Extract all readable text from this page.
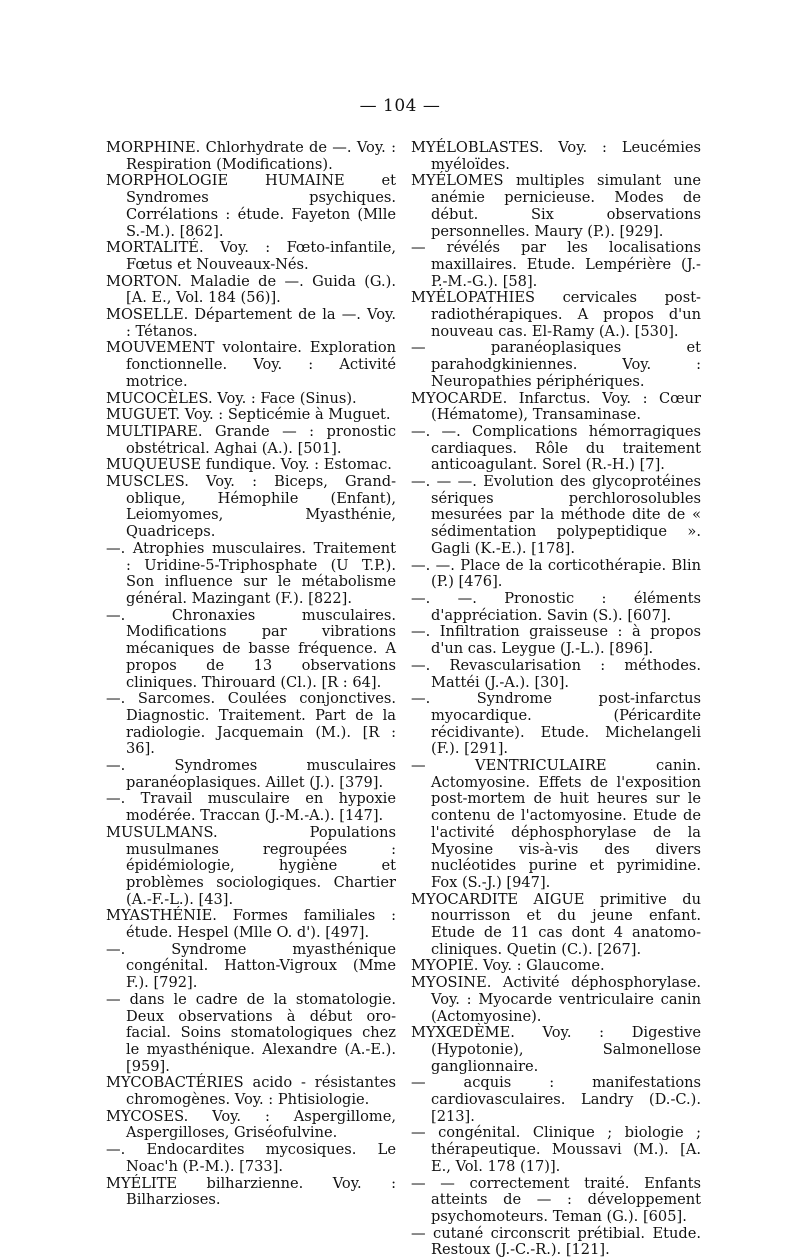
— 104 —

MORPHINE. Chlorhydrate de —. Voy. : Respiration (Modifications).

MORPHOLOGIE HUMAINE et Syndromes psychiques. Corrélations : étude. Fayeton (Mlle S.-M.). [862].

MORTALITÉ. Voy. : Fœto-infantile, Fœtus et Nouveaux-Nés.

MORTON. Maladie de —. Guida (G.). [A. E., Vol. 184 (56)].

MOSELLE. Département de la —. Voy. : Tétanos.

MOUVEMENT volontaire. Exploration fonctionnelle. Voy. : Activité motrice.

MUCOCÈLES. Voy. : Face (Sinus).

MUGUET. Voy. : Septicémie à Muguet.

MULTIPARE. Grande — : pronostic obstétrical. Aghai (A.). [501].

MUQUEUSE fundique. Voy. : Estomac.

MUSCLES. Voy. : Biceps, Grand-oblique, Hémophile (Enfant), Leiomyomes, Myasthénie, Quadriceps.

—. Atrophies musculaires. Traitement : Uridine-5-Triphosphate (U T.P.). Son influence sur le métabolisme général. Mazingant (F.). [822].

—. Chronaxies musculaires. Modifications par vibrations mécaniques de basse fréquence. A propos de 13 observations cliniques. Thirouard (Cl.). [R : 64].

—. Sarcomes. Coulées conjonctives. Diagnostic. Traitement. Part de la radiologie. Jacquemain (M.). [R : 36].

—. Syndromes musculaires paranéoplasiques. Aillet (J.). [379].

—. Travail musculaire en hypoxie modérée. Traccan (J.-M.-A.). [147].

MUSULMANS. Populations musulmanes regroupées : épidémiologie, hygiène et problèmes sociologiques. Chartier (A.-F.-L.). [43].

MYASTHÉNIE. Formes familiales : étude. Hespel (Mlle O. d'). [497].

—. Syndrome myasthénique congénital. Hatton-Vigroux (Mme F.). [792].

— dans le cadre de la stomatologie. Deux observations à début oro-facial. Soins stomatologiques chez le myasthénique. Alexandre (A.-E.). [959].

MYCOBACTÉRIES acido - résistantes chromogènes. Voy. : Phtisiologie.

MYCOSES. Voy. : Aspergillome, Aspergilloses, Griséofulvine.

—. Endocardites mycosiques. Le Noac'h (P.-M.). [733].

MYÉLITE bilharzienne. Voy. : Bilharzioses.

MYÉLOBLASTES. Voy. : Leucémies myéloïdes.

MYÉLOMES multiples simulant une anémie pernicieuse. Modes de début. Six observations personnelles. Maury (P.). [929].

— révélés par les localisations maxillaires. Etude. Lempérière (J.-P.-M.-G.). [58].

MYÉLOPATHIES cervicales post-radiothérapiques. A propos d'un nouveau cas. El-Ramy (A.). [530].

— paranéoplasiques et parahodgkiniennes. Voy. : Neuropathies périphériques.

MYOCARDE. Infarctus. Voy. : Cœur (Hématome), Transaminase.

—. —. Complications hémorragiques cardiaques. Rôle du traitement anticoagulant. Sorel (R.-H.) [7].

—. — —. Evolution des glycoprotéines sériques perchlorosolubles mesurées par la méthode dite de « sédimentation polypeptidique ». Gagli (K.-E.). [178].

—. —. Place de la corticothérapie. Blin (P.) [476].

—. —. Pronostic : éléments d'appréciation. Savin (S.). [607].

—. Infiltration graisseuse : à propos d'un cas. Leygue (J.-L.). [896].

—. Revascularisation : méthodes. Mattéi (J.-A.). [30].

—. Syndrome post-infarctus myocardique. (Péricardite récidivante). Etude. Michelangeli (F.). [291].

— VENTRICULAIRE canin. Actomyosine. Effets de l'exposition post-mortem de huit heures sur le contenu de l'actomyosine. Etude de l'activité déphosphorylase de la Myosine vis-à-vis des divers nucléotides purine et pyrimidine. Fox (S.-J.) [947].

MYOCARDITE AIGUE primitive du nourrisson et du jeune enfant. Etude de 11 cas dont 4 anatomo-cliniques. Quetin (C.). [267].

MYOPIE. Voy. : Glaucome.

MYOSINE. Activité déphosphorylase. Voy. : Myocarde ventriculaire canin (Actomyosine).

MYXŒDÈME. Voy. : Digestive (Hypotonie), Salmonellose ganglionnaire.

— acquis : manifestations cardiovasculaires. Landry (D.-C.). [213].

— congénital. Clinique ; biologie ; thérapeutique. Moussavi (M.). [A. E., Vol. 178 (17)].

— — correctement traité. Enfants atteints de — : développement psychomoteurs. Teman (G.). [605].

— cutané circonscrit prétibial. Etude. Restoux (J.-C.-R.). [121].
